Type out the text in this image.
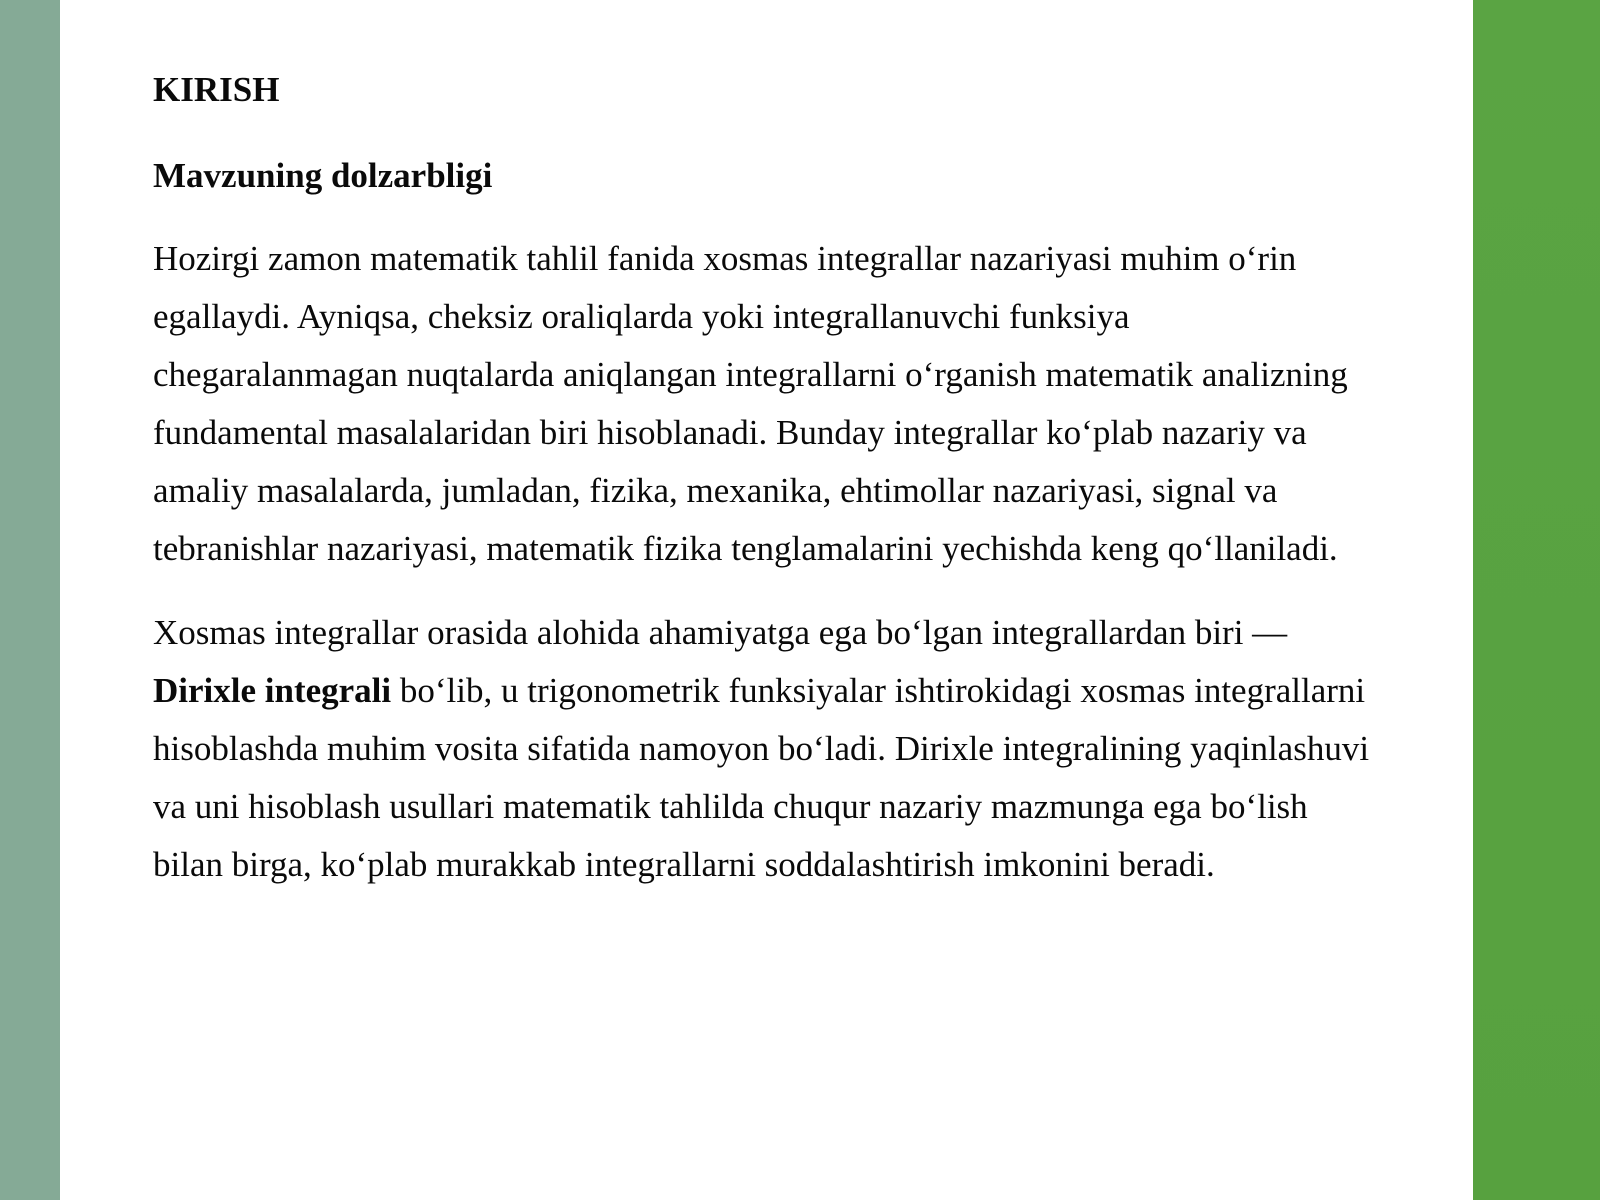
KIRISH
Mavzuning dolzarbligi

Hozirgi zamon matematik tahlil fanida xosmas integrallar nazariyasi muhim o‘rin egallaydi. Ayniqsa, cheksiz oraliqlarda yoki integrallanuvchi funksiya chegaralanmagan nuqtalarda aniqlangan integrallarni o‘rganish matematik analizning fundamental masalalaridan biri hisoblanadi. Bunday integrallar ko‘plab nazariy va amaliy masalalarda, jumladan, fizika, mexanika, ehtimollar nazariyasi, signal va tebranishlar nazariyasi, matematik fizika tenglamalarini yechishda keng qo‘llaniladi.

Xosmas integrallar orasida alohida ahamiyatga ega bo‘lgan integrallardan biri — Dirixle integrali bo‘lib, u trigonometrik funksiyalar ishtirokidagi xosmas integrallarni hisoblashda muhim vosita sifatida namoyon bo‘ladi. Dirixle integralining yaqinlashuvi va uni hisoblash usullari matematik tahlilda chuqur nazariy mazmunga ega bo‘lish bilan birga, ko‘plab murakkab integrallarni soddalashtirish imkonini beradi.
